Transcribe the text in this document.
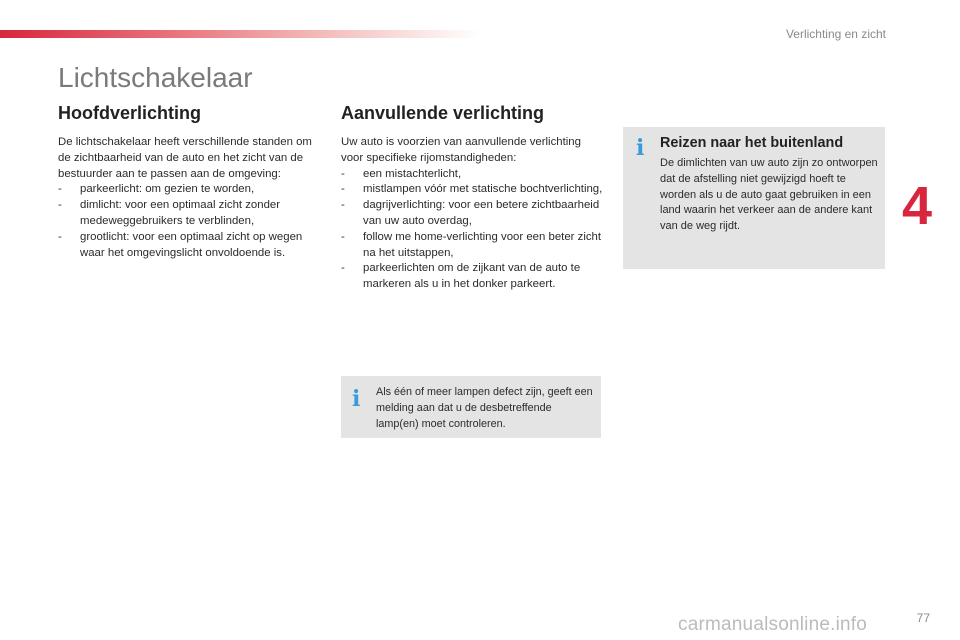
Verlichting en zicht
Lichtschakelaar
Hoofdverlichting

De lichtschakelaar heeft verschillende standen om de zichtbaarheid van de auto en het zicht van de bestuurder aan te passen aan de omgeving:

- parkeerlicht: om gezien te worden,
- dimlicht: voor een optimaal zicht zonder medeweggebruikers te verblinden,
- grootlicht: voor een optimaal zicht op wegen waar het omgevingslicht onvoldoende is.
Aanvullende verlichting

Uw auto is voorzien van aanvullende verlichting voor specifieke rijomstandigheden:

- een mistachterlicht,
- mistlampen vóór met statische bochtverlichting,
- dagrijverlichting: voor een betere zichtbaarheid van uw auto overdag,
- follow me home-verlichting voor een beter zicht na het uitstappen,
- parkeerlichten om de zijkant van de auto te markeren als u in het donker parkeert.
i Reizen naar het buitenland

De dimlichten van uw auto zijn zo ontworpen dat de afstelling niet gewijzigd hoeft te worden als u de auto gaat gebruiken in een land waarin het verkeer aan de andere kant van de weg rijdt.

i Als één of meer lampen defect zijn, geeft een melding aan dat u de desbetreffende lamp(en) moet controleren.

4
carmanualsonline.info	77
